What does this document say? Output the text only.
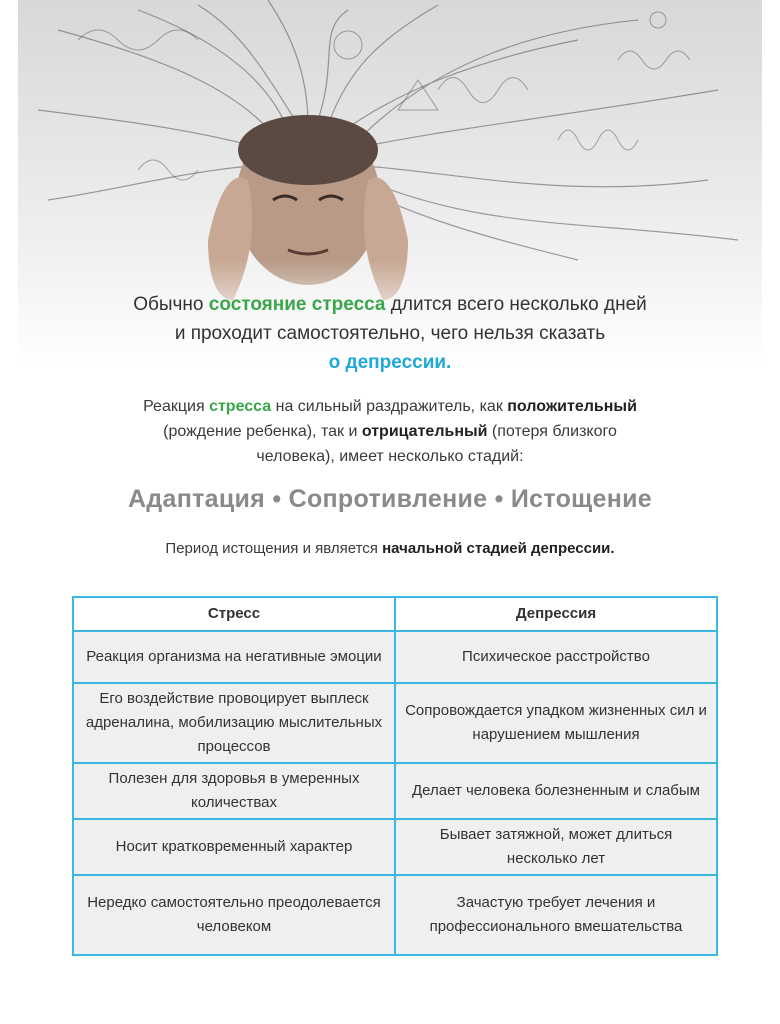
Обычно состояние стресса длится всего несколько дней
и проходит самостоятельно, чего нельзя сказать
о депрессии.
Реакция стресса на сильный раздражитель, как положительный
(рождение ребенка), так и отрицательный (потеря близкого
человека), имеет несколько стадий:
Адаптация • Сопротивление • Истощение
Период истощения и является начальной стадией депрессии.
Стресс	Депрессия
Реакция организма на негативные эмоции	Психическое расстройство
Его воздействие провоцирует выплеск адреналина, мобилизацию мыслительных процессов	Сопровождается упадком жизненных сил и нарушением мышления
Полезен для здоровья в умеренных количествах	Делает человека болезненным и слабым
Носит кратковременный характер	Бывает затяжной, может длиться несколько лет
Нередко самостоятельно преодолевается человеком	Зачастую требует лечения и профессионального вмешательства
